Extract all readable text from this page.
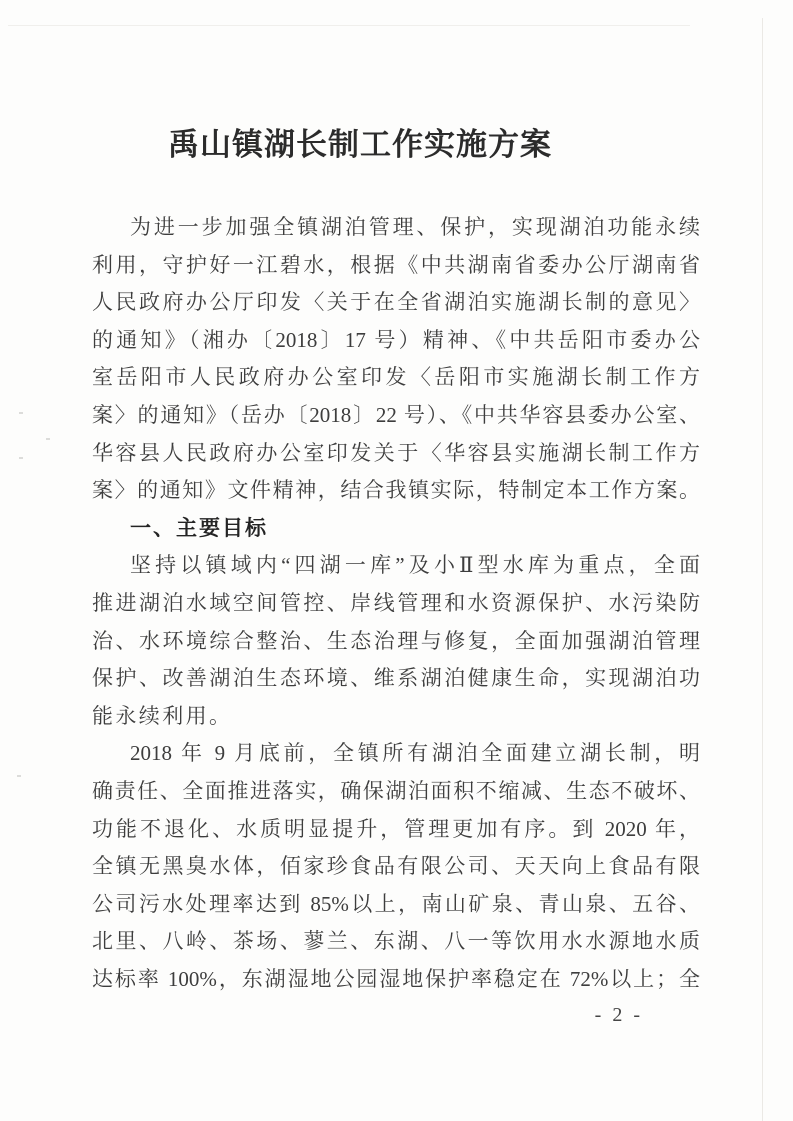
禹山镇湖长制工作实施方案
为进一步加强全镇湖泊管理、保护，实现湖泊功能永续
利用，守护好一江碧水，根据《中共湖南省委办公厅湖南省
人民政府办公厅印发〈关于在全省湖泊实施湖长制的意见〉
的通知》（湘办〔2018〕17 号）精神、《中共岳阳市委办公
室岳阳市人民政府办公室印发〈岳阳市实施湖长制工作方
案〉的通知》（岳办〔2018〕22 号）、《中共华容县委办公室、
华容县人民政府办公室印发关于〈华容县实施湖长制工作方
案〉的通知》文件精神，结合我镇实际，特制定本工作方案。
一、主要目标
坚持以镇域内“四湖一库”及小Ⅱ型水库为重点，全面
推进湖泊水域空间管控、岸线管理和水资源保护、水污染防
治、水环境综合整治、生态治理与修复，全面加强湖泊管理
保护、改善湖泊生态环境、维系湖泊健康生命，实现湖泊功
能永续利用。
2018 年 9 月底前，全镇所有湖泊全面建立湖长制，明
确责任、全面推进落实，确保湖泊面积不缩减、生态不破坏、
功能不退化、水质明显提升，管理更加有序。到 2020 年，
全镇无黑臭水体，佰家珍食品有限公司、天天向上食品有限
公司污水处理率达到 85%以上，南山矿泉、青山泉、五谷、
北里、八岭、茶场、蓼兰、东湖、八一等饮用水水源地水质
达标率 100%，东湖湿地公园湿地保护率稳定在 72%以上；全
- 2 -
